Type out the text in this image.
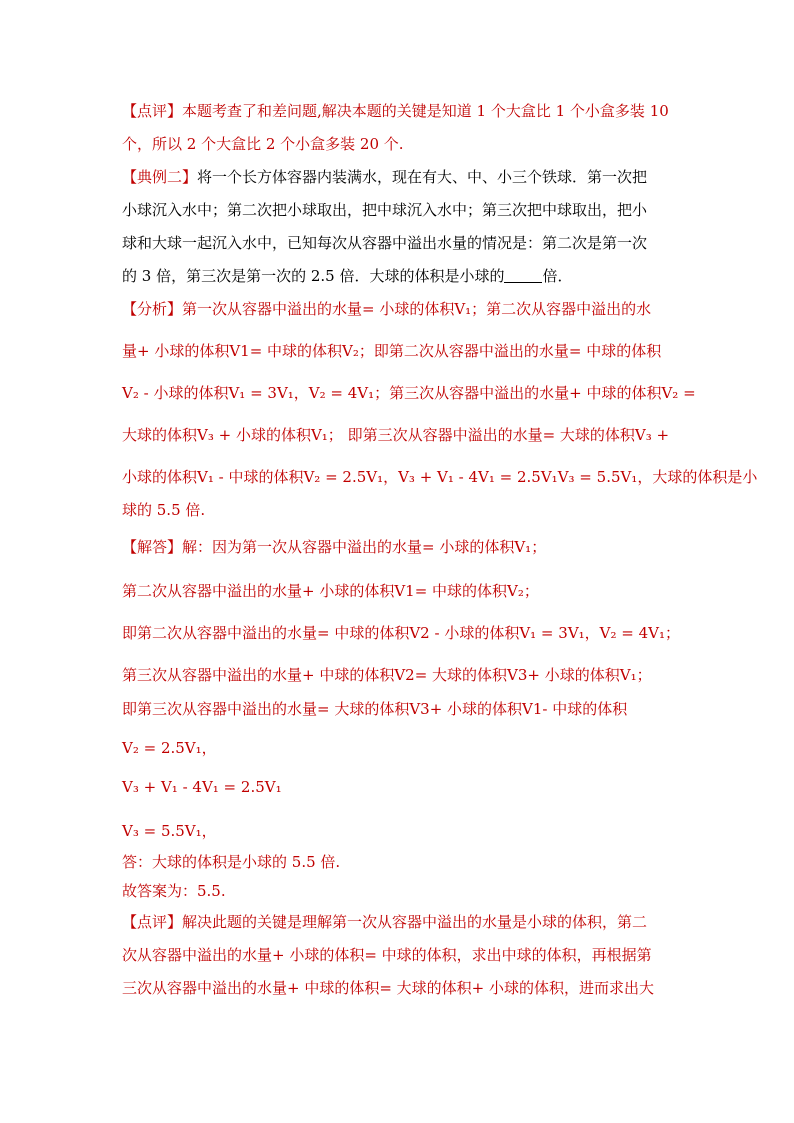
【点评】本题考查了和差问题,解决本题的关键是知道 1 个大盒比 1 个小盒多装 10
个，所以 2 个大盒比 2 个小盒多装 20 个.
【典例二】将一个长方体容器内装满水，现在有大、中、小三个铁球．第一次把
小球沉入水中；第二次把小球取出，把中球沉入水中；第三次把中球取出，把小
球和大球一起沉入水中，已知每次从容器中溢出水量的情况是：第二次是第一次
的 3 倍，第三次是第一次的 2.5 倍．大球的体积是小球的	倍．
【分析】第一次从容器中溢出的水量= 小球的体积V₁；第二次从容器中溢出的水
量+ 小球的体积V1= 中球的体积V₂；即第二次从容器中溢出的水量= 中球的体积
V₂ - 小球的体积V₁ = 3V₁，V₂ = 4V₁；第三次从容器中溢出的水量+ 中球的体积V₂ =
大球的体积V₃ + 小球的体积V₁； 即第三次从容器中溢出的水量= 大球的体积V₃ +
小球的体积V₁ - 中球的体积V₂ = 2.5V₁，V₃ + V₁ - 4V₁ = 2.5V₁V₃ = 5.5V₁，大球的体积是小
球的 5.5 倍.
【解答】解：因为第一次从容器中溢出的水量= 小球的体积V₁；
第二次从容器中溢出的水量+ 小球的体积V1= 中球的体积V₂；
即第二次从容器中溢出的水量= 中球的体积V2 - 小球的体积V₁ = 3V₁，V₂ = 4V₁；
第三次从容器中溢出的水量+ 中球的体积V2= 大球的体积V3+ 小球的体积V₁；
即第三次从容器中溢出的水量= 大球的体积V3+ 小球的体积V1- 中球的体积
V₂ = 2.5V₁，
V₃ + V₁ - 4V₁ = 2.5V₁
V₃ = 5.5V₁，
答：大球的体积是小球的 5.5 倍.
故答案为：5.5.
【点评】解决此题的关键是理解第一次从容器中溢出的水量是小球的体积，第二
次从容器中溢出的水量+ 小球的体积= 中球的体积，求出中球的体积，再根据第
三次从容器中溢出的水量+ 中球的体积= 大球的体积+ 小球的体积，进而求出大
